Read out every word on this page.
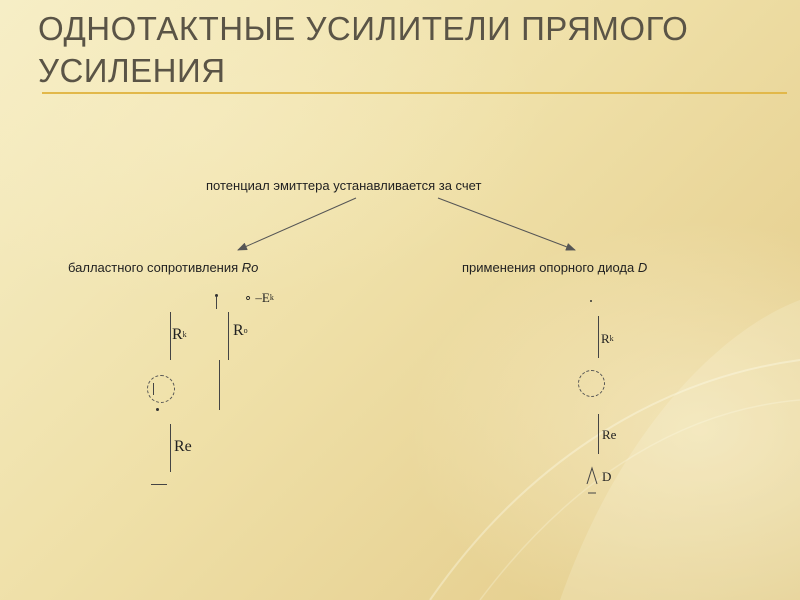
ОДНОТАКТНЫЕ УСИЛИТЕЛИ ПРЯМОГО УСИЛЕНИЯ
потенциал эмиттера устанавливается за счет
балластного сопротивления Ro	применения опорного диода D
∘ $-E^k$
$R^k$	$R^o$
Re
$R^k$
Re
D
